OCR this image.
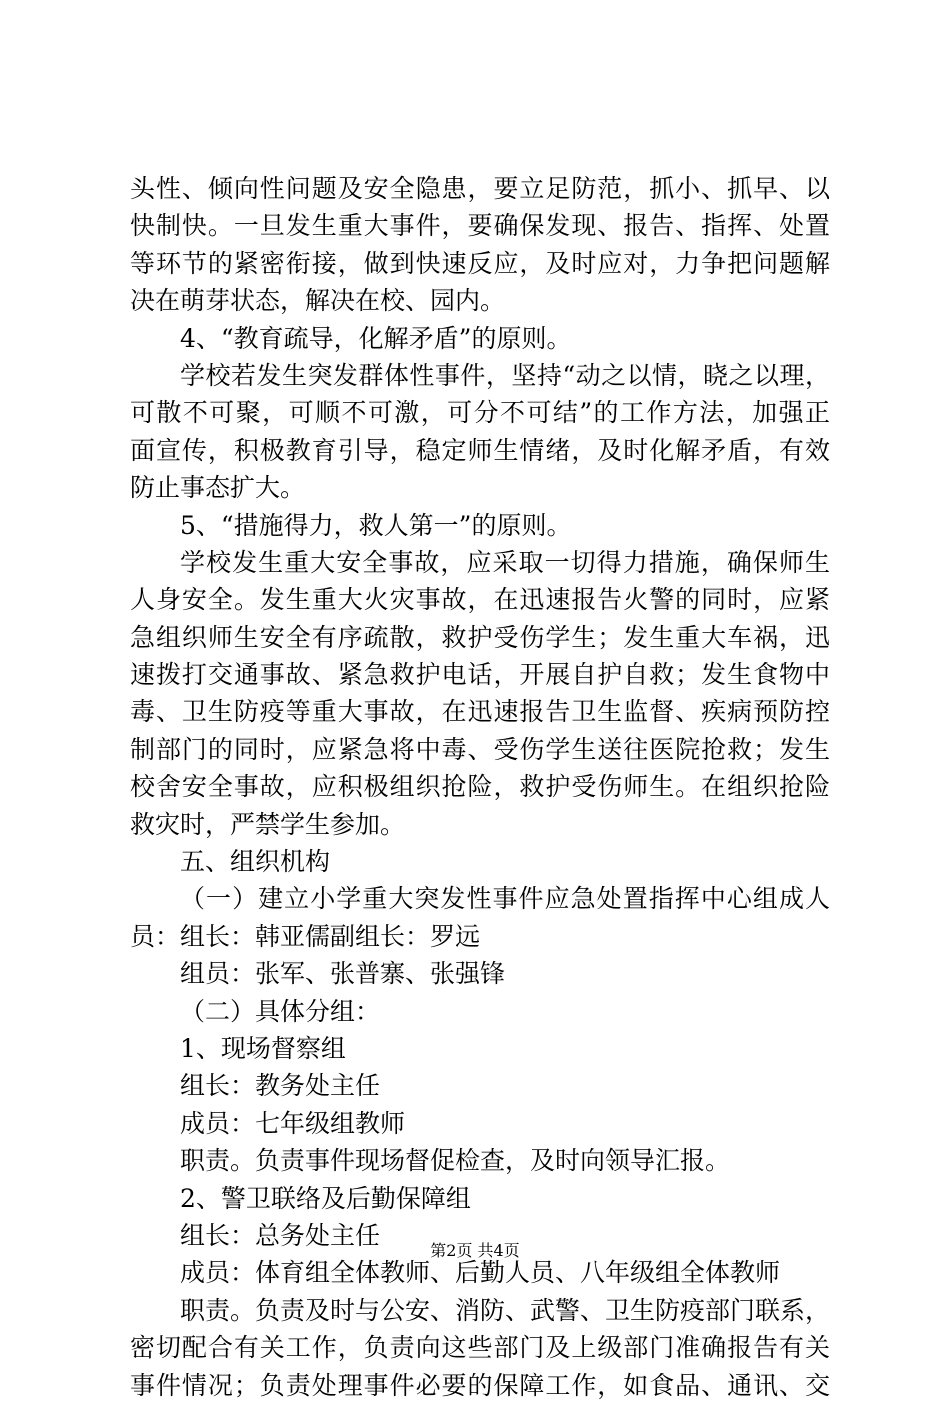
头性、倾向性问题及安全隐患，要立足防范，抓小、抓早、以
快制快。一旦发生重大事件，要确保发现、报告、指挥、处置
等环节的紧密衔接，做到快速反应，及时应对，力争把问题解
决在萌芽状态，解决在校、园内。
4、“教育疏导，化解矛盾”的原则。
学校若发生突发群体性事件，坚持“动之以情，晓之以理，
可散不可聚，可顺不可激，可分不可结”的工作方法，加强正
面宣传，积极教育引导，稳定师生情绪，及时化解矛盾，有效
防止事态扩大。
5、“措施得力，救人第一”的原则。
学校发生重大安全事故，应采取一切得力措施，确保师生
人身安全。发生重大火灾事故，在迅速报告火警的同时，应紧
急组织师生安全有序疏散，救护受伤学生；发生重大车祸，迅
速拨打交通事故、紧急救护电话，开展自护自救；发生食物中
毒、卫生防疫等重大事故，在迅速报告卫生监督、疾病预防控
制部门的同时，应紧急将中毒、受伤学生送往医院抢救；发生
校舍安全事故，应积极组织抢险，救护受伤师生。在组织抢险
救灾时，严禁学生参加。
五、组织机构
（一）建立小学重大突发性事件应急处置指挥中心组成人
员：组长：韩亚儒副组长：罗远
组员：张军、张普寨、张强锋
（二）具体分组：
1、现场督察组
组长：教务处主任
成员：七年级组教师
职责。负责事件现场督促检查，及时向领导汇报。
2、警卫联络及后勤保障组
组长：总务处主任
成员：体育组全体教师、后勤人员、八年级组全体教师
职责。负责及时与公安、消防、武警、卫生防疫部门联系，
密切配合有关工作，负责向这些部门及上级部门准确报告有关
事件情况；负责处理事件必要的保障工作，如食品、通讯、交
第2页 共4页
